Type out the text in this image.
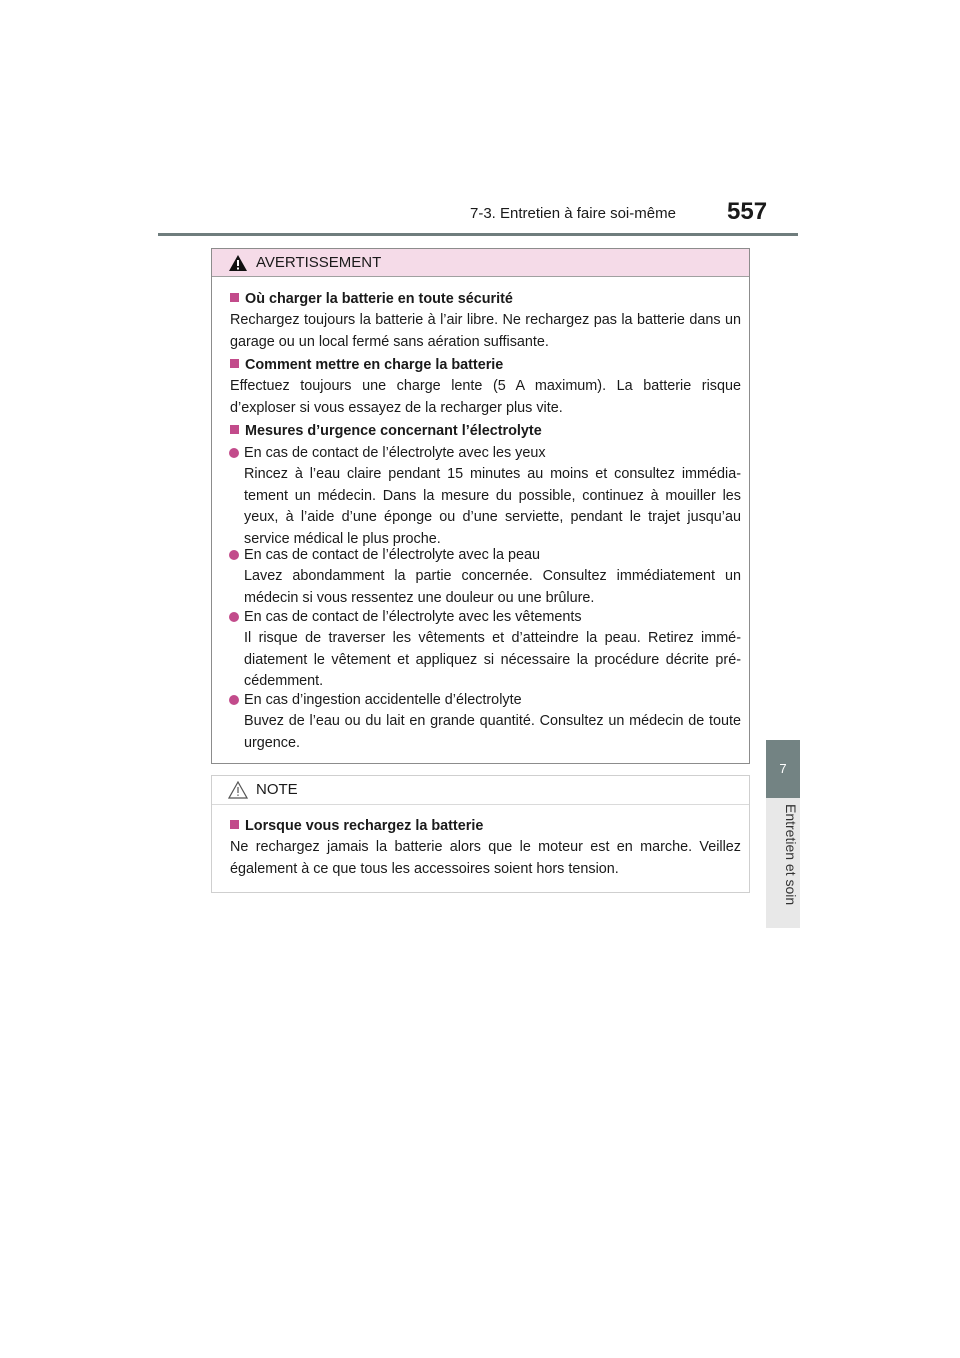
7-3. Entretien à faire soi-même 557
7
Entretien et soin
AVERTISSEMENT
Où charger la batterie en toute sécurité
Rechargez toujours la batterie à l’air libre. Ne rechargez pas la batterie dans un garage ou un local fermé sans aération suffisante.
Comment mettre en charge la batterie
Effectuez toujours une charge lente (5 A maximum). La batterie risque d’exploser si vous essayez de la recharger plus vite.
Mesures d’urgence concernant l’électrolyte
En cas de contact de l’électrolyte avec les yeux
Rincez à l’eau claire pendant 15 minutes au moins et consultez immédiatement un médecin. Dans la mesure du possible, continuez à mouiller les yeux, à l’aide d’une éponge ou d’une serviette, pendant le trajet jusqu’au service médical le plus proche.
En cas de contact de l’électrolyte avec la peau
Lavez abondamment la partie concernée. Consultez immédiatement un médecin si vous ressentez une douleur ou une brûlure.
En cas de contact de l’électrolyte avec les vêtements
Il risque de traverser les vêtements et d’atteindre la peau. Retirez immédiatement le vêtement et appliquez si nécessaire la procédure décrite précédemment.
En cas d’ingestion accidentelle d’électrolyte
Buvez de l’eau ou du lait en grande quantité. Consultez un médecin de toute urgence.
NOTE
Lorsque vous rechargez la batterie
Ne rechargez jamais la batterie alors que le moteur est en marche. Veillez également à ce que tous les accessoires soient hors tension.
